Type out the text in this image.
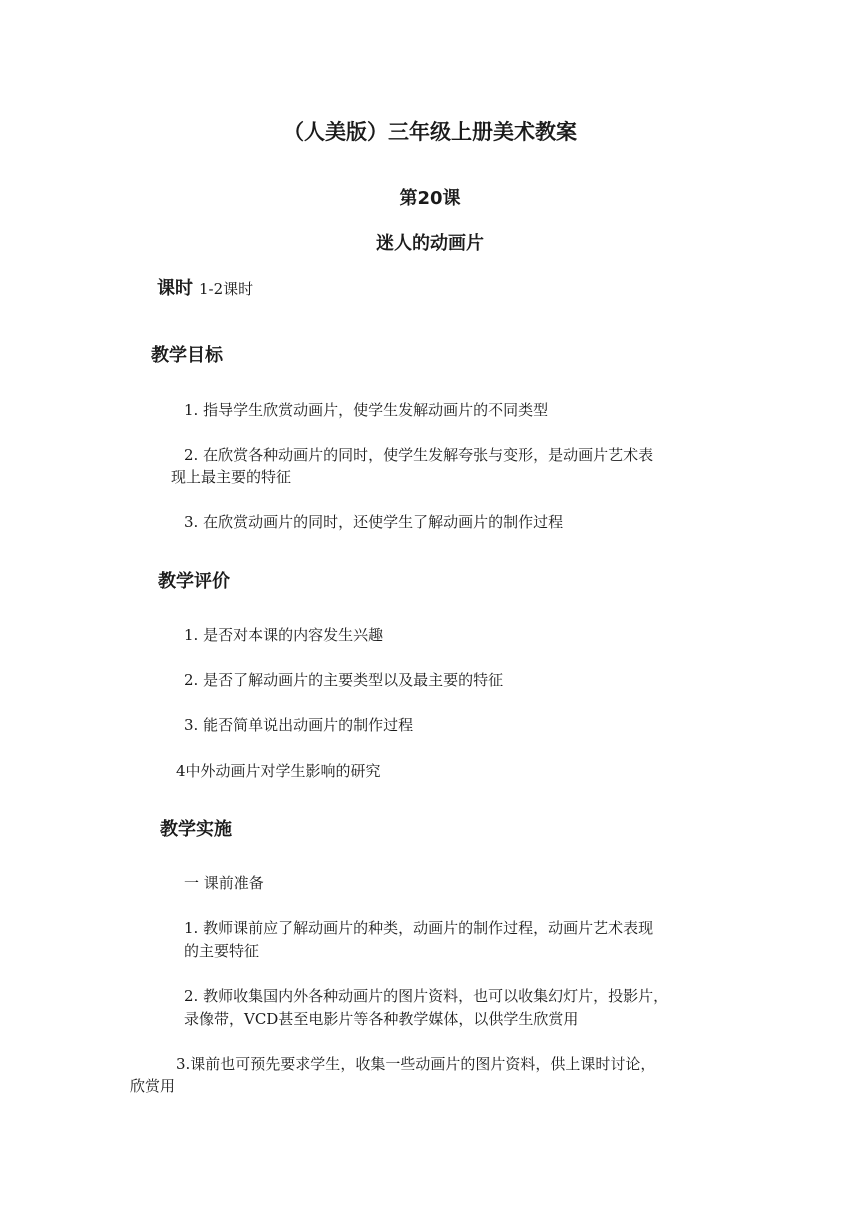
（人美版）三年级上册美术教案
第20课
迷人的动画片
课时 1-2课时
教学目标
1. 指导学生欣赏动画片，使学生发解动画片的不同类型
2. 在欣赏各种动画片的同时，使学生发解夸张与变形，是动画片艺术表
现上最主要的特征
3. 在欣赏动画片的同时，还使学生了解动画片的制作过程
教学评价
1. 是否对本课的内容发生兴趣
2. 是否了解动画片的主要类型以及最主要的特征
3. 能否简单说出动画片的制作过程
4中外动画片对学生影响的研究
教学实施
一 课前准备
1. 教师课前应了解动画片的种类，动画片的制作过程，动画片艺术表现
的主要特征
2. 教师收集国内外各种动画片的图片资料，也可以收集幻灯片，投影片，
录像带，VCD甚至电影片等各种教学媒体，以供学生欣赏用
3.课前也可预先要求学生，收集一些动画片的图片资料，供上课时讨论，
欣赏用
